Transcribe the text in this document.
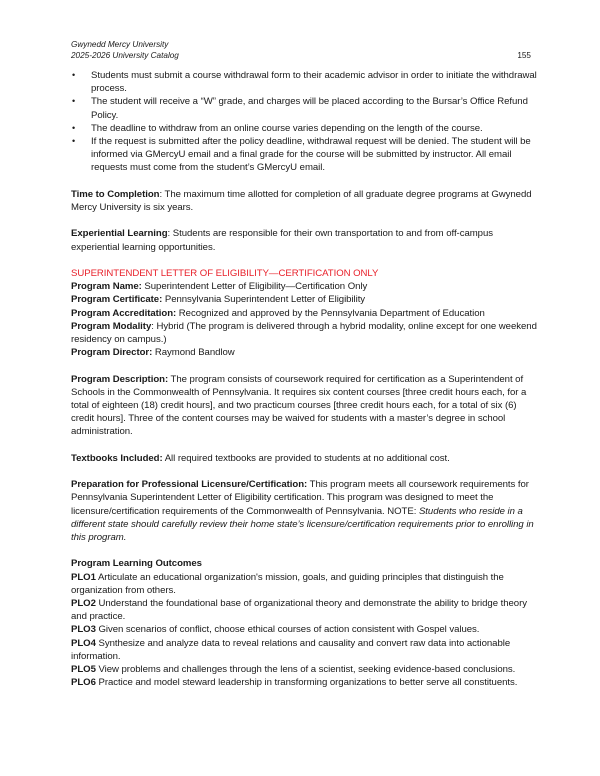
Gwynedd Mercy University
2025-2026 University Catalog	155
• Students must submit a course withdrawal form to their academic advisor in order to initiate the withdrawal process.
• The student will receive a “W” grade, and charges will be placed according to the Bursar’s Office Refund Policy.
• The deadline to withdraw from an online course varies depending on the length of the course.
• If the request is submitted after the policy deadline, withdrawal request will be denied. The student will be informed via GMercyU email and a final grade for the course will be submitted by instructor. All email requests must come from the student’s GMercyU email.

Time to Completion: The maximum time allotted for completion of all graduate degree programs at Gwynedd Mercy University is six years.

Experiential Learning: Students are responsible for their own transportation to and from off-campus experiential learning opportunities.

SUPERINTENDENT LETTER OF ELIGIBILITY—CERTIFICATION ONLY

Program Name: Superintendent Letter of Eligibility—Certification Only

Program Certificate: Pennsylvania Superintendent Letter of Eligibility

Program Accreditation: Recognized and approved by the Pennsylvania Department of Education

Program Modality: Hybrid (The program is delivered through a hybrid modality, online except for one weekend residency on campus.)

Program Director: Raymond Bandlow

Program Description: The program consists of coursework required for certification as a Superintendent of Schools in the Commonwealth of Pennsylvania. It requires six content courses [three credit hours each, for a total of eighteen (18) credit hours], and two practicum courses [three credit hours each, for a total of six (6) credit hours]. Three of the content courses may be waived for students with a master’s degree in school administration.

Textbooks Included: All required textbooks are provided to students at no additional cost.

Preparation for Professional Licensure/Certification: This program meets all coursework requirements for Pennsylvania Superintendent Letter of Eligibility certification. This program was designed to meet the licensure/certification requirements of the Commonwealth of Pennsylvania. NOTE: Students who reside in a different state should carefully review their home state’s licensure/certification requirements prior to enrolling in this program.

Program Learning Outcomes

PLO1 Articulate an educational organization's mission, goals, and guiding principles that distinguish the organization from others.

PLO2 Understand the foundational base of organizational theory and demonstrate the ability to bridge theory and practice.

PLO3 Given scenarios of conflict, choose ethical courses of action consistent with Gospel values.

PLO4 Synthesize and analyze data to reveal relations and causality and convert raw data into actionable information.

PLO5 View problems and challenges through the lens of a scientist, seeking evidence-based conclusions.

PLO6 Practice and model steward leadership in transforming organizations to better serve all constituents.
